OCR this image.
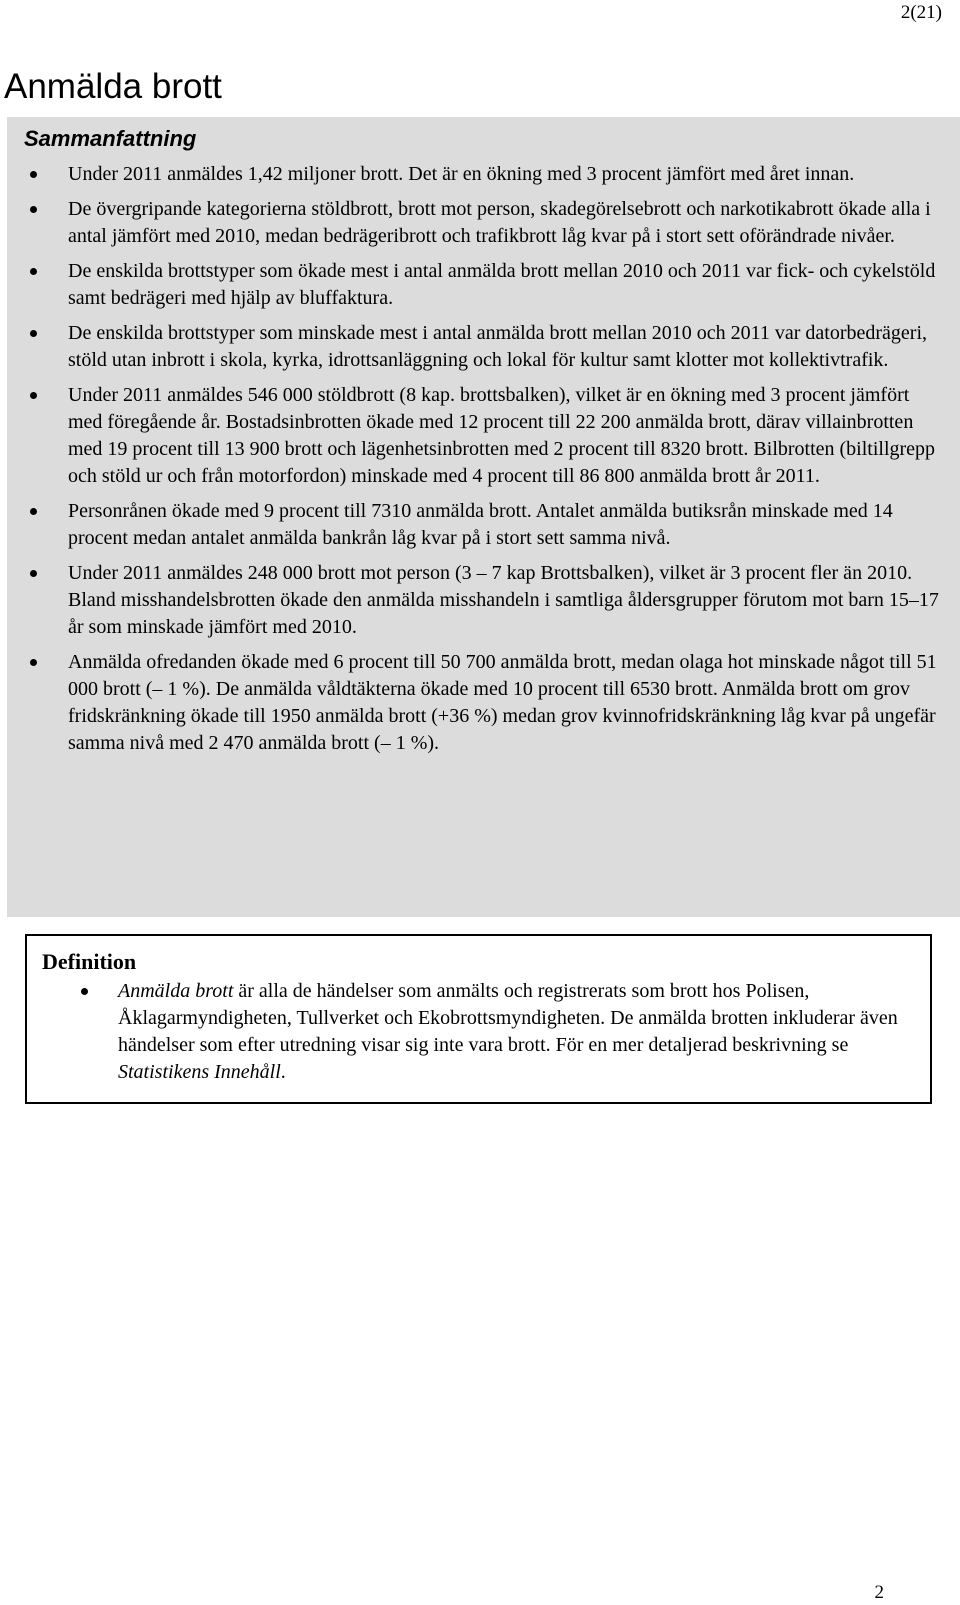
2(21)
Anmälda brott
Sammanfattning
Under 2011 anmäldes 1,42 miljoner brott. Det är en ökning med 3 procent jämfört med året innan.
De övergripande kategorierna stöldbrott, brott mot person, skadegörelsebrott och narkotikabrott ökade alla i antal jämfört med 2010, medan bedrägeribrott och trafikbrott låg kvar på i stort sett oförändrade nivåer.
De enskilda brottstyper som ökade mest i antal anmälda brott mellan 2010 och 2011 var fick- och cykelstöld samt bedrägeri med hjälp av bluffaktura.
De enskilda brottstyper som minskade mest i antal anmälda brott mellan 2010 och 2011 var datorbedrägeri, stöld utan inbrott i skola, kyrka, idrottsanläggning och lokal för kultur samt klotter mot kollektivtrafik.
Under 2011 anmäldes 546 000 stöldbrott (8 kap. brottsbalken), vilket är en ökning med 3 procent jämfört med föregående år. Bostadsinbrotten ökade med 12 procent till 22 200 anmälda brott, därav villainbrotten med 19 procent till 13 900 brott och lägenhetsinbrotten med 2 procent till 8320 brott. Bilbrotten (biltillgrepp och stöld ur och från motorfordon) minskade med 4 procent till 86 800 anmälda brott år 2011.
Personrånen ökade med 9 procent till 7310 anmälda brott. Antalet anmälda butiksrån minskade med 14 procent medan antalet anmälda bankrån låg kvar på i stort sett samma nivå.
Under 2011 anmäldes 248 000 brott mot person (3 – 7 kap Brottsbalken), vilket är 3 procent fler än 2010. Bland misshandelsbrotten ökade den anmälda misshandeln i samtliga åldersgrupper förutom mot barn 15–17 år som minskade jämfört med 2010.
Anmälda ofredanden ökade med 6 procent till 50 700 anmälda brott, medan olaga hot minskade något till 51 000 brott (– 1 %). De anmälda våldtäkterna ökade med 10 procent till 6530 brott. Anmälda brott om grov fridskränkning ökade till 1950 anmälda brott (+36 %) medan grov kvinnofridskränkning låg kvar på ungefär samma nivå med 2 470 anmälda brott (– 1 %).
Definition
Anmälda brott är alla de händelser som anmälts och registrerats som brott hos Polisen, Åklagarmyndigheten, Tullverket och Ekobrottsmyndigheten. De anmälda brotten inkluderar även händelser som efter utredning visar sig inte vara brott. För en mer detaljerad beskrivning se Statistikens Innehåll.
2
